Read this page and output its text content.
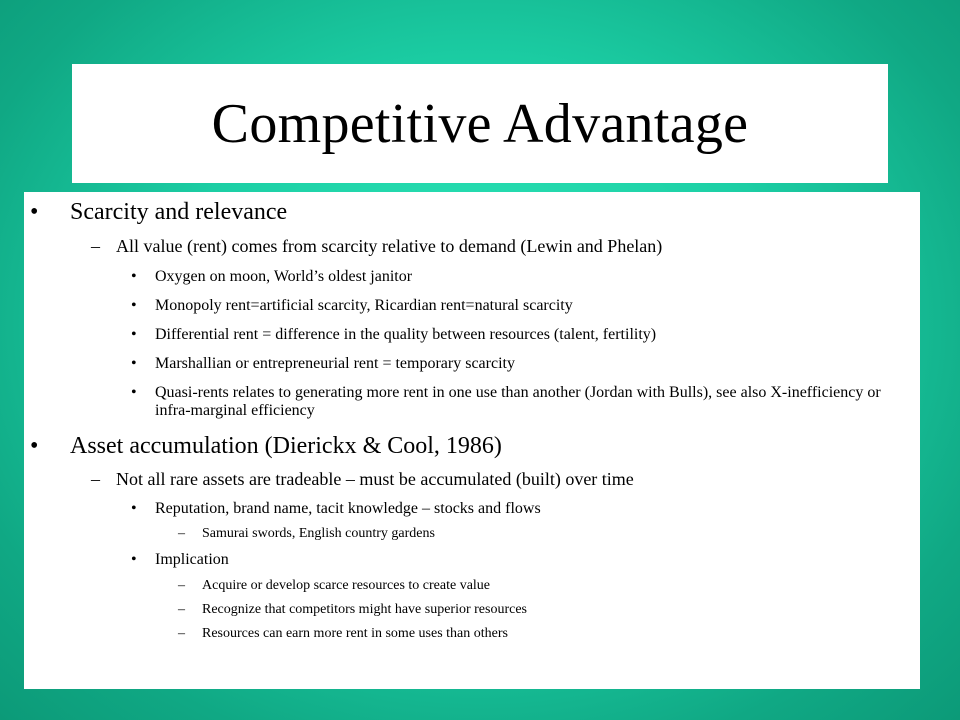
Competitive Advantage
• Scarcity and relevance
– All value (rent) comes from scarcity relative to demand (Lewin and Phelan)
• Oxygen on moon, World’s oldest janitor
• Monopoly rent=artificial scarcity, Ricardian rent=natural scarcity
• Differential rent = difference in the quality between resources (talent, fertility)
• Marshallian or entrepreneurial rent = temporary scarcity
• Quasi-rents relates to generating more rent in one use than another (Jordan with Bulls), see also X-inefficiency or infra-marginal efficiency
• Asset accumulation (Dierickx & Cool, 1986)
– Not all rare assets are tradeable – must be accumulated (built) over time
• Reputation, brand name, tacit knowledge – stocks and flows
– Samurai swords, English country gardens
• Implication
– Acquire or develop scarce resources to create value
– Recognize that competitors might have superior resources
– Resources can earn more rent in some uses than others
